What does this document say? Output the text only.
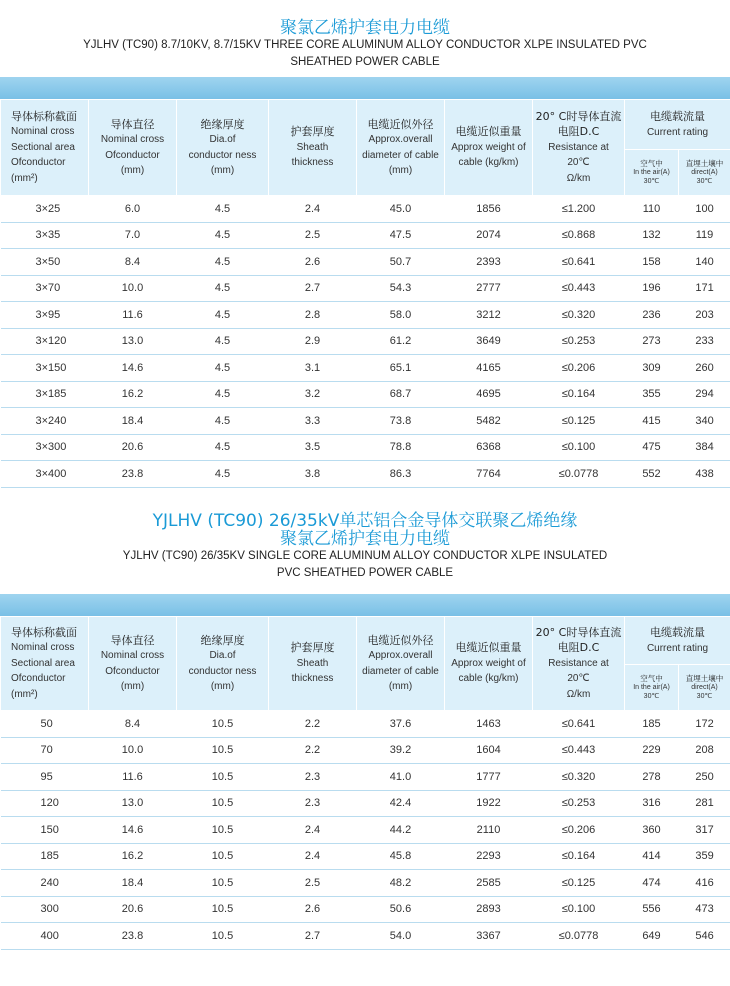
聚氯乙烯护套电力电缆
YJLHV (TC90) 8.7/10KV, 8.7/15KV THREE CORE ALUMINUM ALLOY CONDUCTOR XLPE INSULATED PVC
SHEATHED POWER CABLE
导体标称截面
Nominal cross
Sectional area
Ofconductor
(mm²)	导体直径
Nominal cross
Ofconductor
(mm)	绝缘厚度
Dia.of
conductor ness
(mm)	护套厚度
Sheath
thickness	电缆近似外径
Approx.overall
diameter of cable
(mm)	电缆近似重量
Approx weight of
cable (kg/km)	20° C时导体直流
电阻D.C
Resistance at
20℃
Ω/km	电缆载流量
Current rating	

							空气中
In the air(A)
30℃	直埋土壤中
direct(A)
30℃
3×25	6.0	4.5	2.4	45.0	1856	≤1.200	110	100
3×35	7.0	4.5	2.5	47.5	2074	≤0.868	132	119
3×50	8.4	4.5	2.6	50.7	2393	≤0.641	158	140
3×70	10.0	4.5	2.7	54.3	2777	≤0.443	196	171
3×95	11.6	4.5	2.8	58.0	3212	≤0.320	236	203
3×120	13.0	4.5	2.9	61.2	3649	≤0.253	273	233
3×150	14.6	4.5	3.1	65.1	4165	≤0.206	309	260
3×185	16.2	4.5	3.2	68.7	4695	≤0.164	355	294
3×240	18.4	4.5	3.3	73.8	5482	≤0.125	415	340
3×300	20.6	4.5	3.5	78.8	6368	≤0.100	475	384
3×400	23.8	4.5	3.8	86.3	7764	≤0.0778	552	438
YJLHV (TC90) 26/35kV单芯铝合金导体交联聚乙烯绝缘
聚氯乙烯护套电力电缆
YJLHV (TC90) 26/35KV SINGLE CORE ALUMINUM ALLOY CONDUCTOR XLPE INSULATED
PVC SHEATHED POWER CABLE
导体标称截面
Nominal cross
Sectional area
Ofconductor
(mm²)	导体直径
Nominal cross
Ofconductor
(mm)	绝缘厚度
Dia.of
conductor ness
(mm)	护套厚度
Sheath
thickness	电缆近似外径
Approx.overall
diameter of cable
(mm)	电缆近似重量
Approx weight of
cable (kg/km)	20° C时导体直流
电阻D.C
Resistance at
20℃
Ω/km	电缆载流量
Current rating	

							空气中
In the air(A)
30℃	直埋土壤中
direct(A)
30℃
50	8.4	10.5	2.2	37.6	1463	≤0.641	185	172
70	10.0	10.5	2.2	39.2	1604	≤0.443	229	208
95	11.6	10.5	2.3	41.0	1777	≤0.320	278	250
120	13.0	10.5	2.3	42.4	1922	≤0.253	316	281
150	14.6	10.5	2.4	44.2	2110	≤0.206	360	317
185	16.2	10.5	2.4	45.8	2293	≤0.164	414	359
240	18.4	10.5	2.5	48.2	2585	≤0.125	474	416
300	20.6	10.5	2.6	50.6	2893	≤0.100	556	473
400	23.8	10.5	2.7	54.0	3367	≤0.0778	649	546
